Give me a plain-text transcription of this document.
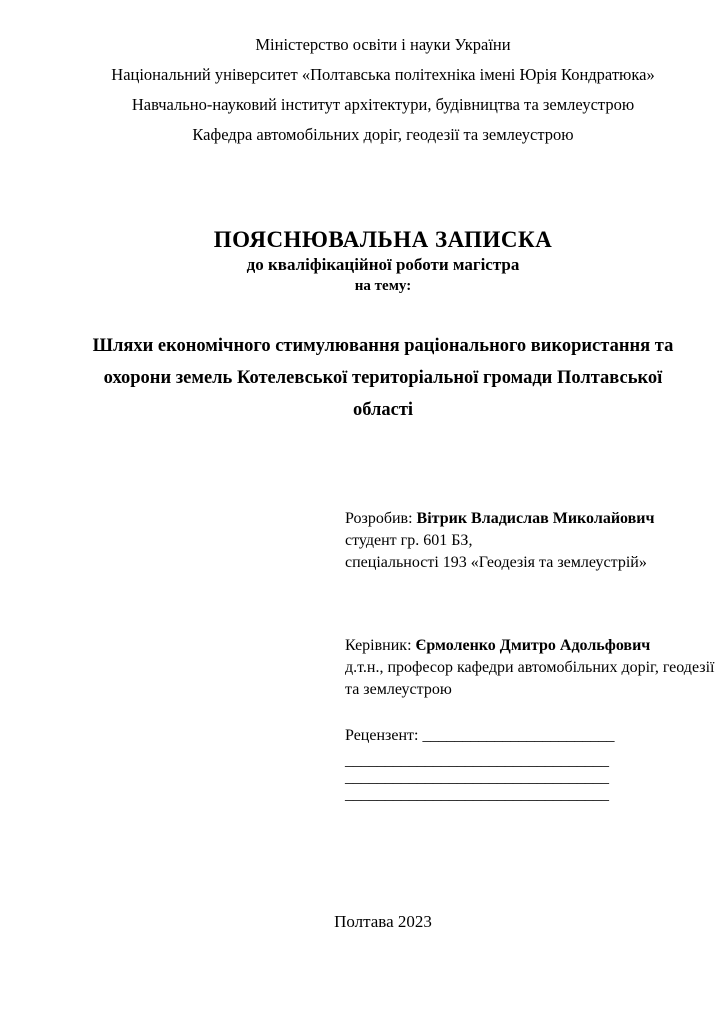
Міністерство освіти і науки України
Національний університет «Полтавська політехніка імені Юрія Кондратюка»
Навчально-науковий інститут архітектури, будівництва та землеустрою
Кафедра автомобільних доріг, геодезії та землеустрою
ПОЯСНЮВАЛЬНА ЗАПИСКА
до кваліфікаційної роботи магістра
на тему:
Шляхи економічного стимулювання раціонального використання та
охорони земель Котелевської територіальної громади Полтавської
області
Розробив: Вітрик Владислав Миколайович
студент гр. 601 БЗ,
спеціальності 193 «Геодезія та землеустрій»
Керівник: Єрмоленко Дмитро Адольфович
д.т.н., професор кафедри автомобільних доріг, геодезії
та землеустрою
Рецензент: ________________________
_________________________________
_________________________________
_________________________________
Полтава 2023
